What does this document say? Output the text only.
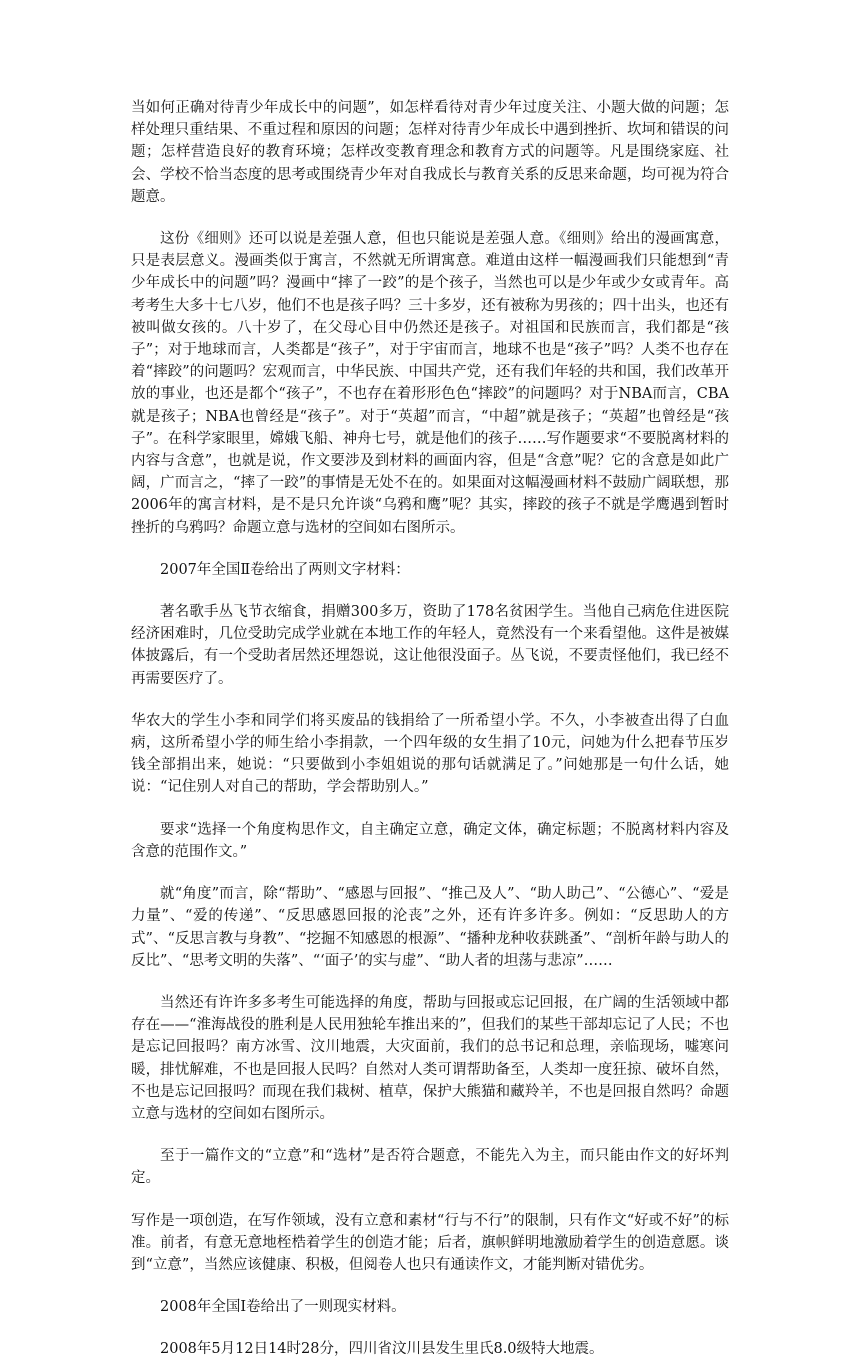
当如何正确对待青少年成长中的问题”，如怎样看待对青少年过度关注、小题大做的问题；怎样处理只重结果、不重过程和原因的问题；怎样对待青少年成长中遇到挫折、坎坷和错误的问题；怎样营造良好的教育环境；怎样改变教育理念和教育方式的问题等。凡是围绕家庭、社会、学校不恰当态度的思考或围绕青少年对自我成长与教育关系的反思来命题，均可视为符合题意。

这份《细则》还可以说是差强人意，但也只能说是差强人意。《细则》给出的漫画寓意，只是表层意义。漫画类似于寓言，不然就无所谓寓意。难道由这样一幅漫画我们只能想到“青少年成长中的问题”吗？漫画中“摔了一跤”的是个孩子，当然也可以是少年或少女或青年。高考考生大多十七八岁，他们不也是孩子吗？三十多岁，还有被称为男孩的；四十出头，也还有被叫做女孩的。八十岁了，在父母心目中仍然还是孩子。对祖国和民族而言，我们都是“孩子”；对于地球而言，人类都是“孩子”，对于宇宙而言，地球不也是“孩子”吗？人类不也存在着“摔跤”的问题吗？宏观而言，中华民族、中国共产党，还有我们年轻的共和国，我们改革开放的事业，也还是都个“孩子”，不也存在着形形色色“摔跤”的问题吗？对于NBA而言，CBA就是孩子；NBA也曾经是“孩子”。对于“英超”而言，“中超”就是孩子；“英超”也曾经是“孩子”。在科学家眼里，嫦娥飞船、神舟七号，就是他们的孩子……写作题要求“不要脱离材料的内容与含意”，也就是说，作文要涉及到材料的画面内容，但是“含意”呢？它的含意是如此广阔，广而言之，“摔了一跤”的事情是无处不在的。如果面对这幅漫画材料不鼓励广阔联想，那2006年的寓言材料，是不是只允许谈“乌鸦和鹰”呢？其实，摔跤的孩子不就是学鹰遇到暂时挫折的乌鸦吗？命题立意与选材的空间如右图所示。

2007年全国Ⅱ卷给出了两则文字材料：

著名歌手丛飞节衣缩食，捐赠300多万，资助了178名贫困学生。当他自己病危住进医院经济困难时，几位受助完成学业就在本地工作的年轻人，竟然没有一个来看望他。这件是被媒体披露后，有一个受助者居然还埋怨说，这让他很没面子。丛飞说，不要责怪他们，我已经不再需要医疗了。

华农大的学生小李和同学们将买废品的钱捐给了一所希望小学。不久，小李被查出得了白血病，这所希望小学的师生给小李捐款，一个四年级的女生捐了10元，问她为什么把春节压岁钱全部捐出来，她说：“只要做到小李姐姐说的那句话就满足了。”问她那是一句什么话，她说：“记住别人对自己的帮助，学会帮助别人。”

要求“选择一个角度构思作文，自主确定立意，确定文体，确定标题；不脱离材料内容及含意的范围作文。”

就“角度”而言，除“帮助”、“感恩与回报”、“推己及人”、“助人助己”、“公德心”、“爱是力量”、“爱的传递”、“反思感恩回报的沦丧”之外，还有许多许多。例如：“反思助人的方式”、“反思言教与身教”、“挖掘不知感恩的根源”、“播种龙种收获跳蚤”、“剖析年龄与助人的反比”、“思考文明的失落”、“‘面子’的实与虚”、“助人者的坦荡与悲凉”……

当然还有许许多多考生可能选择的角度，帮助与回报或忘记回报，在广阔的生活领域中都存在——“淮海战役的胜利是人民用独轮车推出来的”，但我们的某些干部却忘记了人民；不也是忘记回报吗？南方冰雪、汶川地震，大灾面前，我们的总书记和总理，亲临现场，嘘寒问暖，排忧解难，不也是回报人民吗？自然对人类可谓帮助备至，人类却一度狂掠、破坏自然，不也是忘记回报吗？而现在我们栽树、植草，保护大熊猫和藏羚羊，不也是回报自然吗？命题立意与选材的空间如右图所示。

至于一篇作文的“立意”和“选材”是否符合题意，不能先入为主，而只能由作文的好坏判定。

写作是一项创造，在写作领域，没有立意和素材“行与不行”的限制，只有作文“好或不好”的标准。前者，有意无意地桎梏着学生的创造才能；后者，旗帜鲜明地激励着学生的创造意愿。谈到“立意”，当然应该健康、积极，但阅卷人也只有通读作文，才能判断对错优劣。

2008年全国Ⅰ卷给出了一则现实材料。

2008年5月12日14时28分，四川省汶川县发生里氏8.0级特大地震。
